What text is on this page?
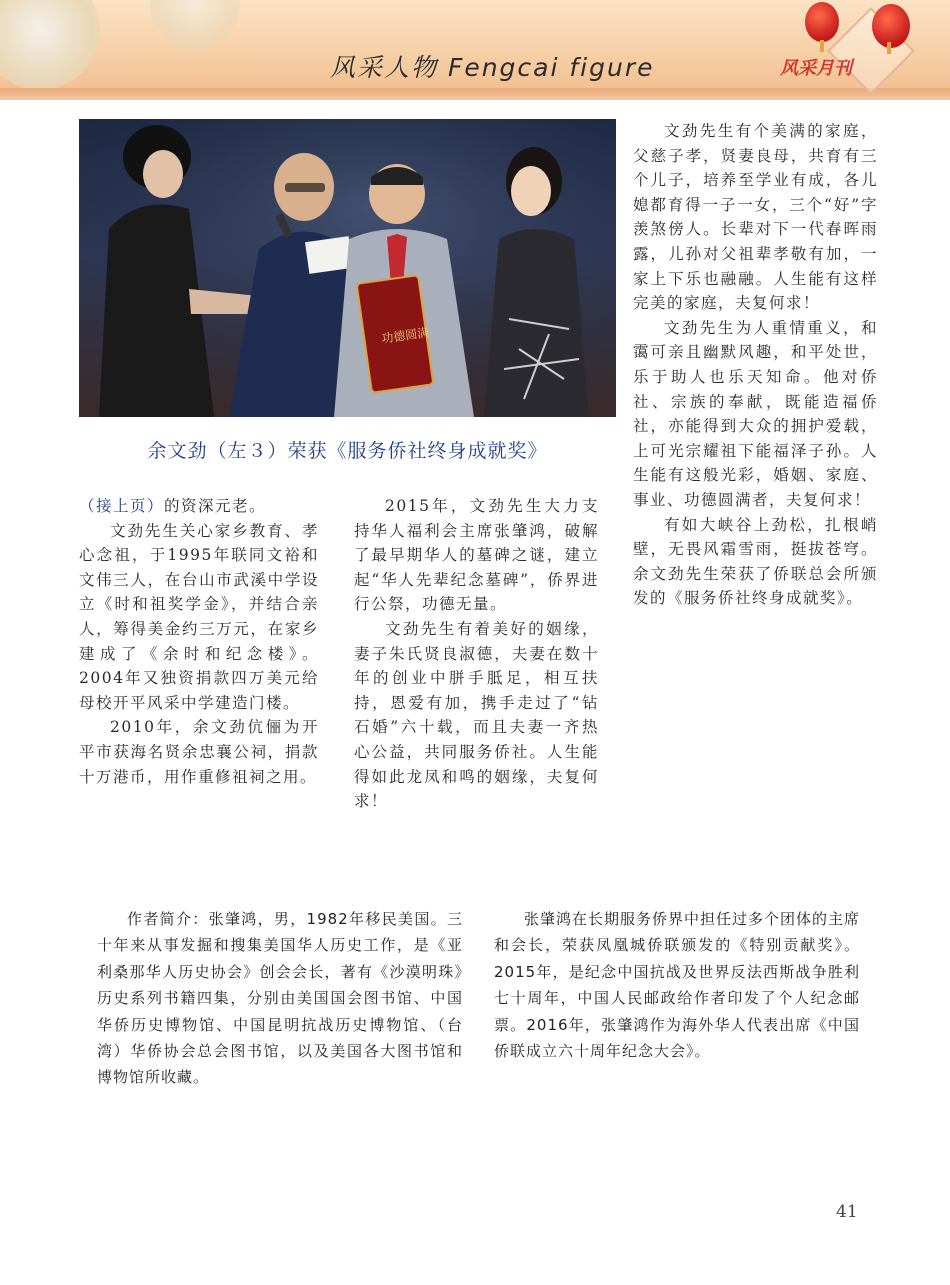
风采人物 Fengcai figure	风采月刊
功德圆满
余文劲（左３）荣获《服务侨社终身成就奖》

（接上页）的资深元老。

文劲先生关心家乡教育、孝心念祖，于1995年联同文裕和文伟三人，在台山市武溪中学设立《时和祖奖学金》，并结合亲人，筹得美金约三万元，在家乡建成了《余时和纪念楼》。2004年又独资捐款四万美元给母校开平风采中学建造门楼。

2010年，余文劲伉俪为开平市获海名贤余忠襄公祠，捐款十万港币，用作重修祖祠之用。

2015年，文劲先生大力支持华人福利会主席张肇鸿，破解了最早期华人的墓碑之谜，建立起“华人先辈纪念墓碑”，侨界进行公祭，功德无量。

文劲先生有着美好的姻缘，妻子朱氏贤良淑德，夫妻在数十年的创业中胼手胝足，相互扶持，恩爱有加，携手走过了“钻石婚”六十载，而且夫妻一齐热心公益，共同服务侨社。人生能得如此龙凤和鸣的姻缘，夫复何求！

文劲先生有个美满的家庭，父慈子孝，贤妻良母，共育有三个儿子，培养至学业有成，各儿媳都育得一子一女，三个“好”字羡煞傍人。长辈对下一代春晖雨露，儿孙对父祖辈孝敬有加，一家上下乐也融融。人生能有这样完美的家庭，夫复何求！

文劲先生为人重情重义，和霭可亲且幽默风趣，和平处世，乐于助人也乐天知命。他对侨社、宗族的奉献，既能造福侨社，亦能得到大众的拥护爱载，上可光宗耀祖下能福泽子孙。人生能有这般光彩，婚姻、家庭、事业、功德圆满者，夫复何求！

有如大峡谷上劲松，扎根峭壁，无畏风霜雪雨，挺拔苍穹。余文劲先生荣获了侨联总会所颁发的《服务侨社终身成就奖》。

作者简介：张肇鸿，男，1982年移民美国。三十年来从事发掘和搜集美国华人历史工作，是《亚利桑那华人历史协会》创会会长，著有《沙漠明珠》历史系列书籍四集，分别由美国国会图书馆、中国华侨历史博物馆、中国昆明抗战历史博物馆、（台湾）华侨协会总会图书馆，以及美国各大图书馆和博物馆所收藏。

张肇鸿在长期服务侨界中担任过多个团体的主席和会长，荣获凤凰城侨联颁发的《特别贡献奖》。2015年，是纪念中国抗战及世界反法西斯战争胜利七十周年，中国人民邮政给作者印发了个人纪念邮票。2016年，张肇鸿作为海外华人代表出席《中国侨联成立六十周年纪念大会》。

41
